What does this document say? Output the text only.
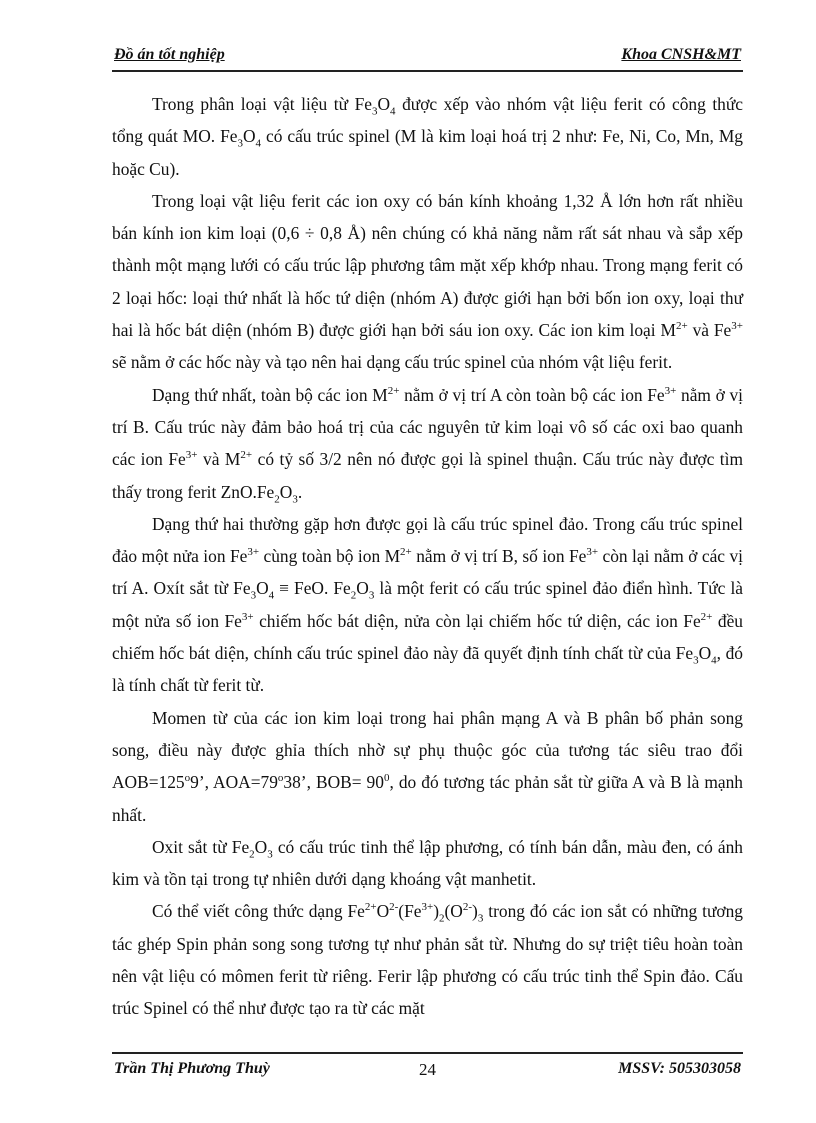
Đồ án tốt nghiệp	Khoa CNSH&MT

Trong phân loại vật liệu từ $Fe_3O_4$ được xếp vào nhóm vật liệu ferit có công thức tổng quát MO. $Fe_3O_4$ có cấu trúc spinel (M là kim loại hoá trị 2 như: Fe, Ni, Co, Mn, Mg hoặc Cu).

Trong loại vật liệu ferit các ion oxy có bán kính khoảng 1,32 Å lớn hơn rất nhiều bán kính ion kim loại (0,6 ÷ 0,8 Å) nên chúng có khả năng nằm rất sát nhau và sắp xếp thành một mạng lưới có cấu trúc lập phương tâm mặt xếp khớp nhau. Trong mạng ferit có 2 loại hốc: loại thứ nhất là hốc tứ diện (nhóm A) được giới hạn bởi bốn ion oxy, loại thư hai là hốc bát diện (nhóm B) được giới hạn bởi sáu ion oxy. Các ion kim loại $M^{2+}$ và $Fe^{3+}$ sẽ nằm ở các hốc này và tạo nên hai dạng cấu trúc spinel của nhóm vật liệu ferit.

Dạng thứ nhất, toàn bộ các ion $M^{2+}$ nằm ở vị trí A còn toàn bộ các ion $Fe^{3+}$ nằm ở vị trí B. Cấu trúc này đảm bảo hoá trị của các nguyên tử kim loại vô số các oxi bao quanh các ion $Fe^{3+}$ và $M^{2+}$ có tỷ số 3/2 nên nó được gọi là spinel thuận. Cấu trúc này được tìm thấy trong ferit $ZnO.Fe_2O_3$.

Dạng thứ hai thường gặp hơn được gọi là cấu trúc spinel đảo. Trong cấu trúc spinel đảo một nửa ion $Fe^{3+}$ cùng toàn bộ ion $M^{2+}$ nằm ở vị trí B, số ion $Fe^{3+}$ còn lại nằm ở các vị trí A. Oxít sắt từ $Fe_3O_4$ ≡ FeO. $Fe_2O_3$ là một ferit có cấu trúc spinel đảo điển hình. Tức là một nửa số ion $Fe^{3+}$ chiếm hốc bát diện, nửa còn lại chiếm hốc tứ diện, các ion $Fe^{2+}$ đều chiếm hốc bát diện, chính cấu trúc spinel đảo này đã quyết định tính chất từ của $Fe_3O_4$, đó là tính chất từ ferit từ.

Momen từ của các ion kim loại trong hai phân mạng A và B phân bố phản song song, điều này được ghỉa thích nhờ sự phụ thuộc góc của tương tác siêu trao đổi $AOB=125^o9$’, $AOA=79^o38$’, $BOB= 90^0$, do đó tương tác phản sắt từ giữa A và B là mạnh nhất.

Oxit sắt từ $Fe_2O_3$ có cấu trúc tinh thể lập phương, có tính bán dẫn, màu đen, có ánh kim và tồn tại trong tự nhiên dưới dạng khoáng vật manhetit.

Có thể viết công thức dạng $Fe^{2+}O^{2-}(Fe^{3+})_2(O^{2-})_3$ trong đó các ion sắt có những tương tác ghép Spin phản song song tương tự như phản sắt từ. Nhưng do sự triệt tiêu hoàn toàn nên vật liệu có mômen ferit từ riêng. Ferir lập phương có cấu trúc tinh thể Spin đảo. Cấu trúc Spinel có thể như được tạo ra từ các mặt

Trần Thị Phương Thuỳ	24	MSSV: 505303058
